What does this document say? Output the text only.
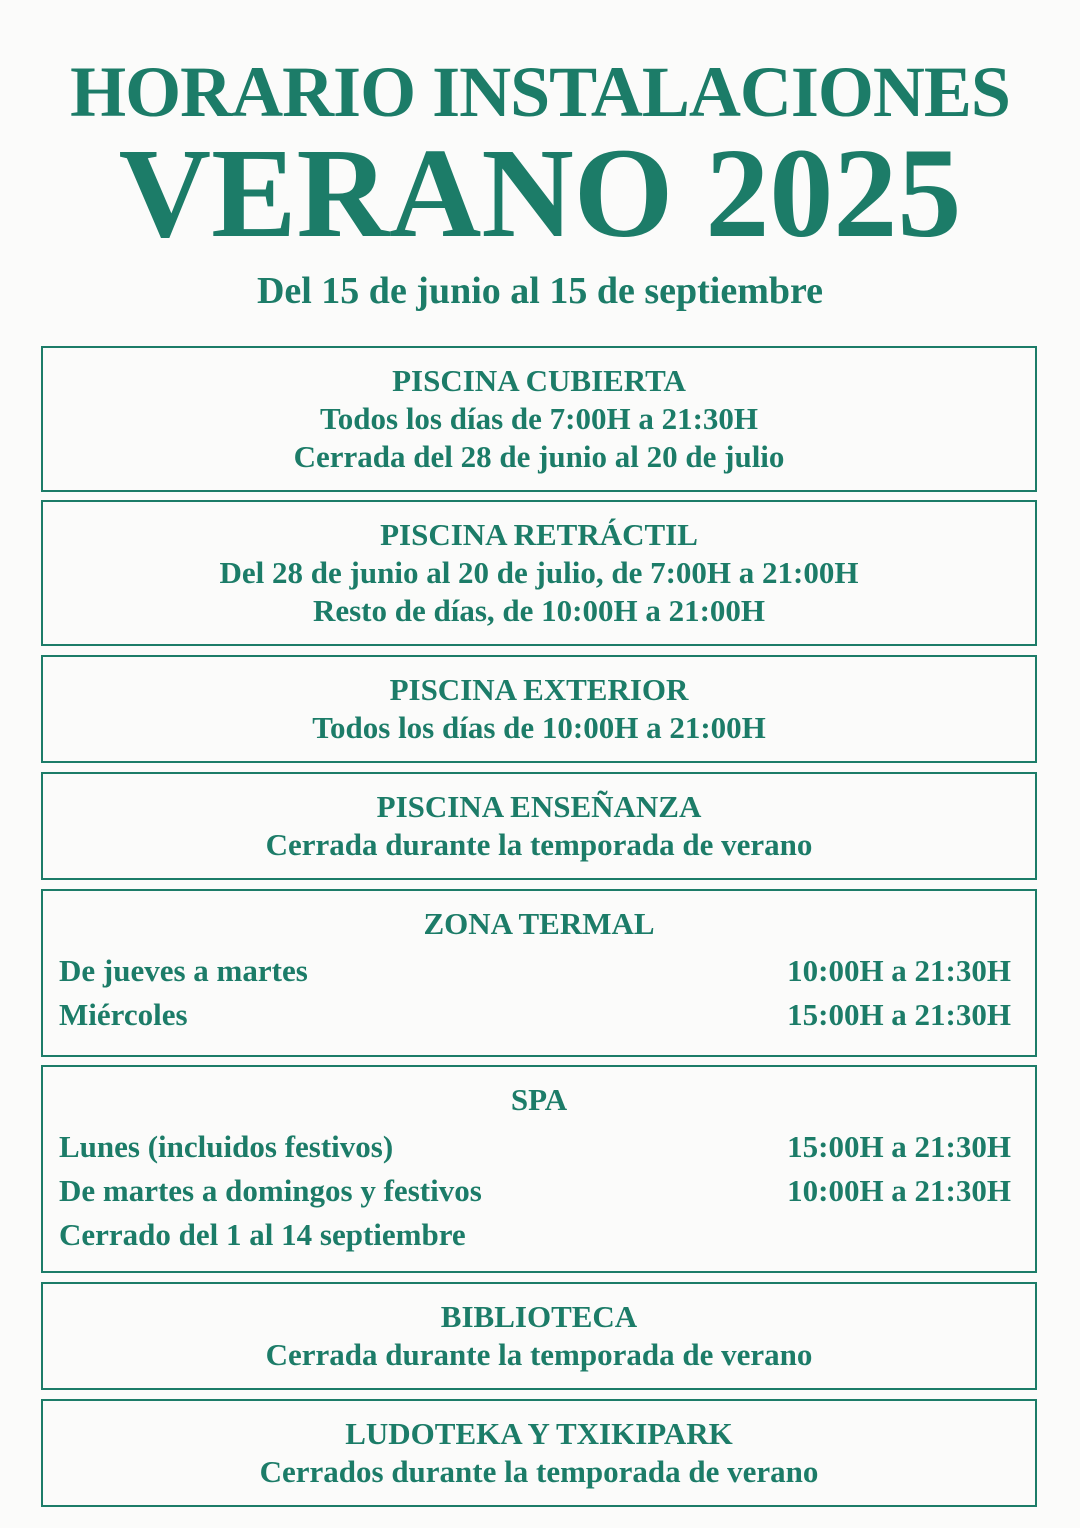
HORARIO INSTALACIONES
VERANO 2025
Del 15 de junio al 15 de septiembre
PISCINA CUBIERTA
Todos los días de 7:00H a 21:30H
Cerrada del 28 de junio al 20 de julio
PISCINA RETRÁCTIL
Del 28 de junio al 20 de julio, de 7:00H a 21:00H
Resto de días, de 10:00H a 21:00H
PISCINA EXTERIOR
Todos los días de 10:00H a 21:00H
PISCINA ENSEÑANZA
Cerrada durante la temporada de verano
ZONA TERMAL
De jueves a martes	10:00H a 21:30H
Miércoles	15:00H a 21:30H
SPA
Lunes (incluidos festivos)	15:00H a 21:30H
De martes a domingos y festivos	10:00H a 21:30H
Cerrado del 1 al 14 septiembre
BIBLIOTECA
Cerrada durante la temporada de verano
LUDOTEKA Y TXIKIPARK
Cerrados durante la temporada de verano
